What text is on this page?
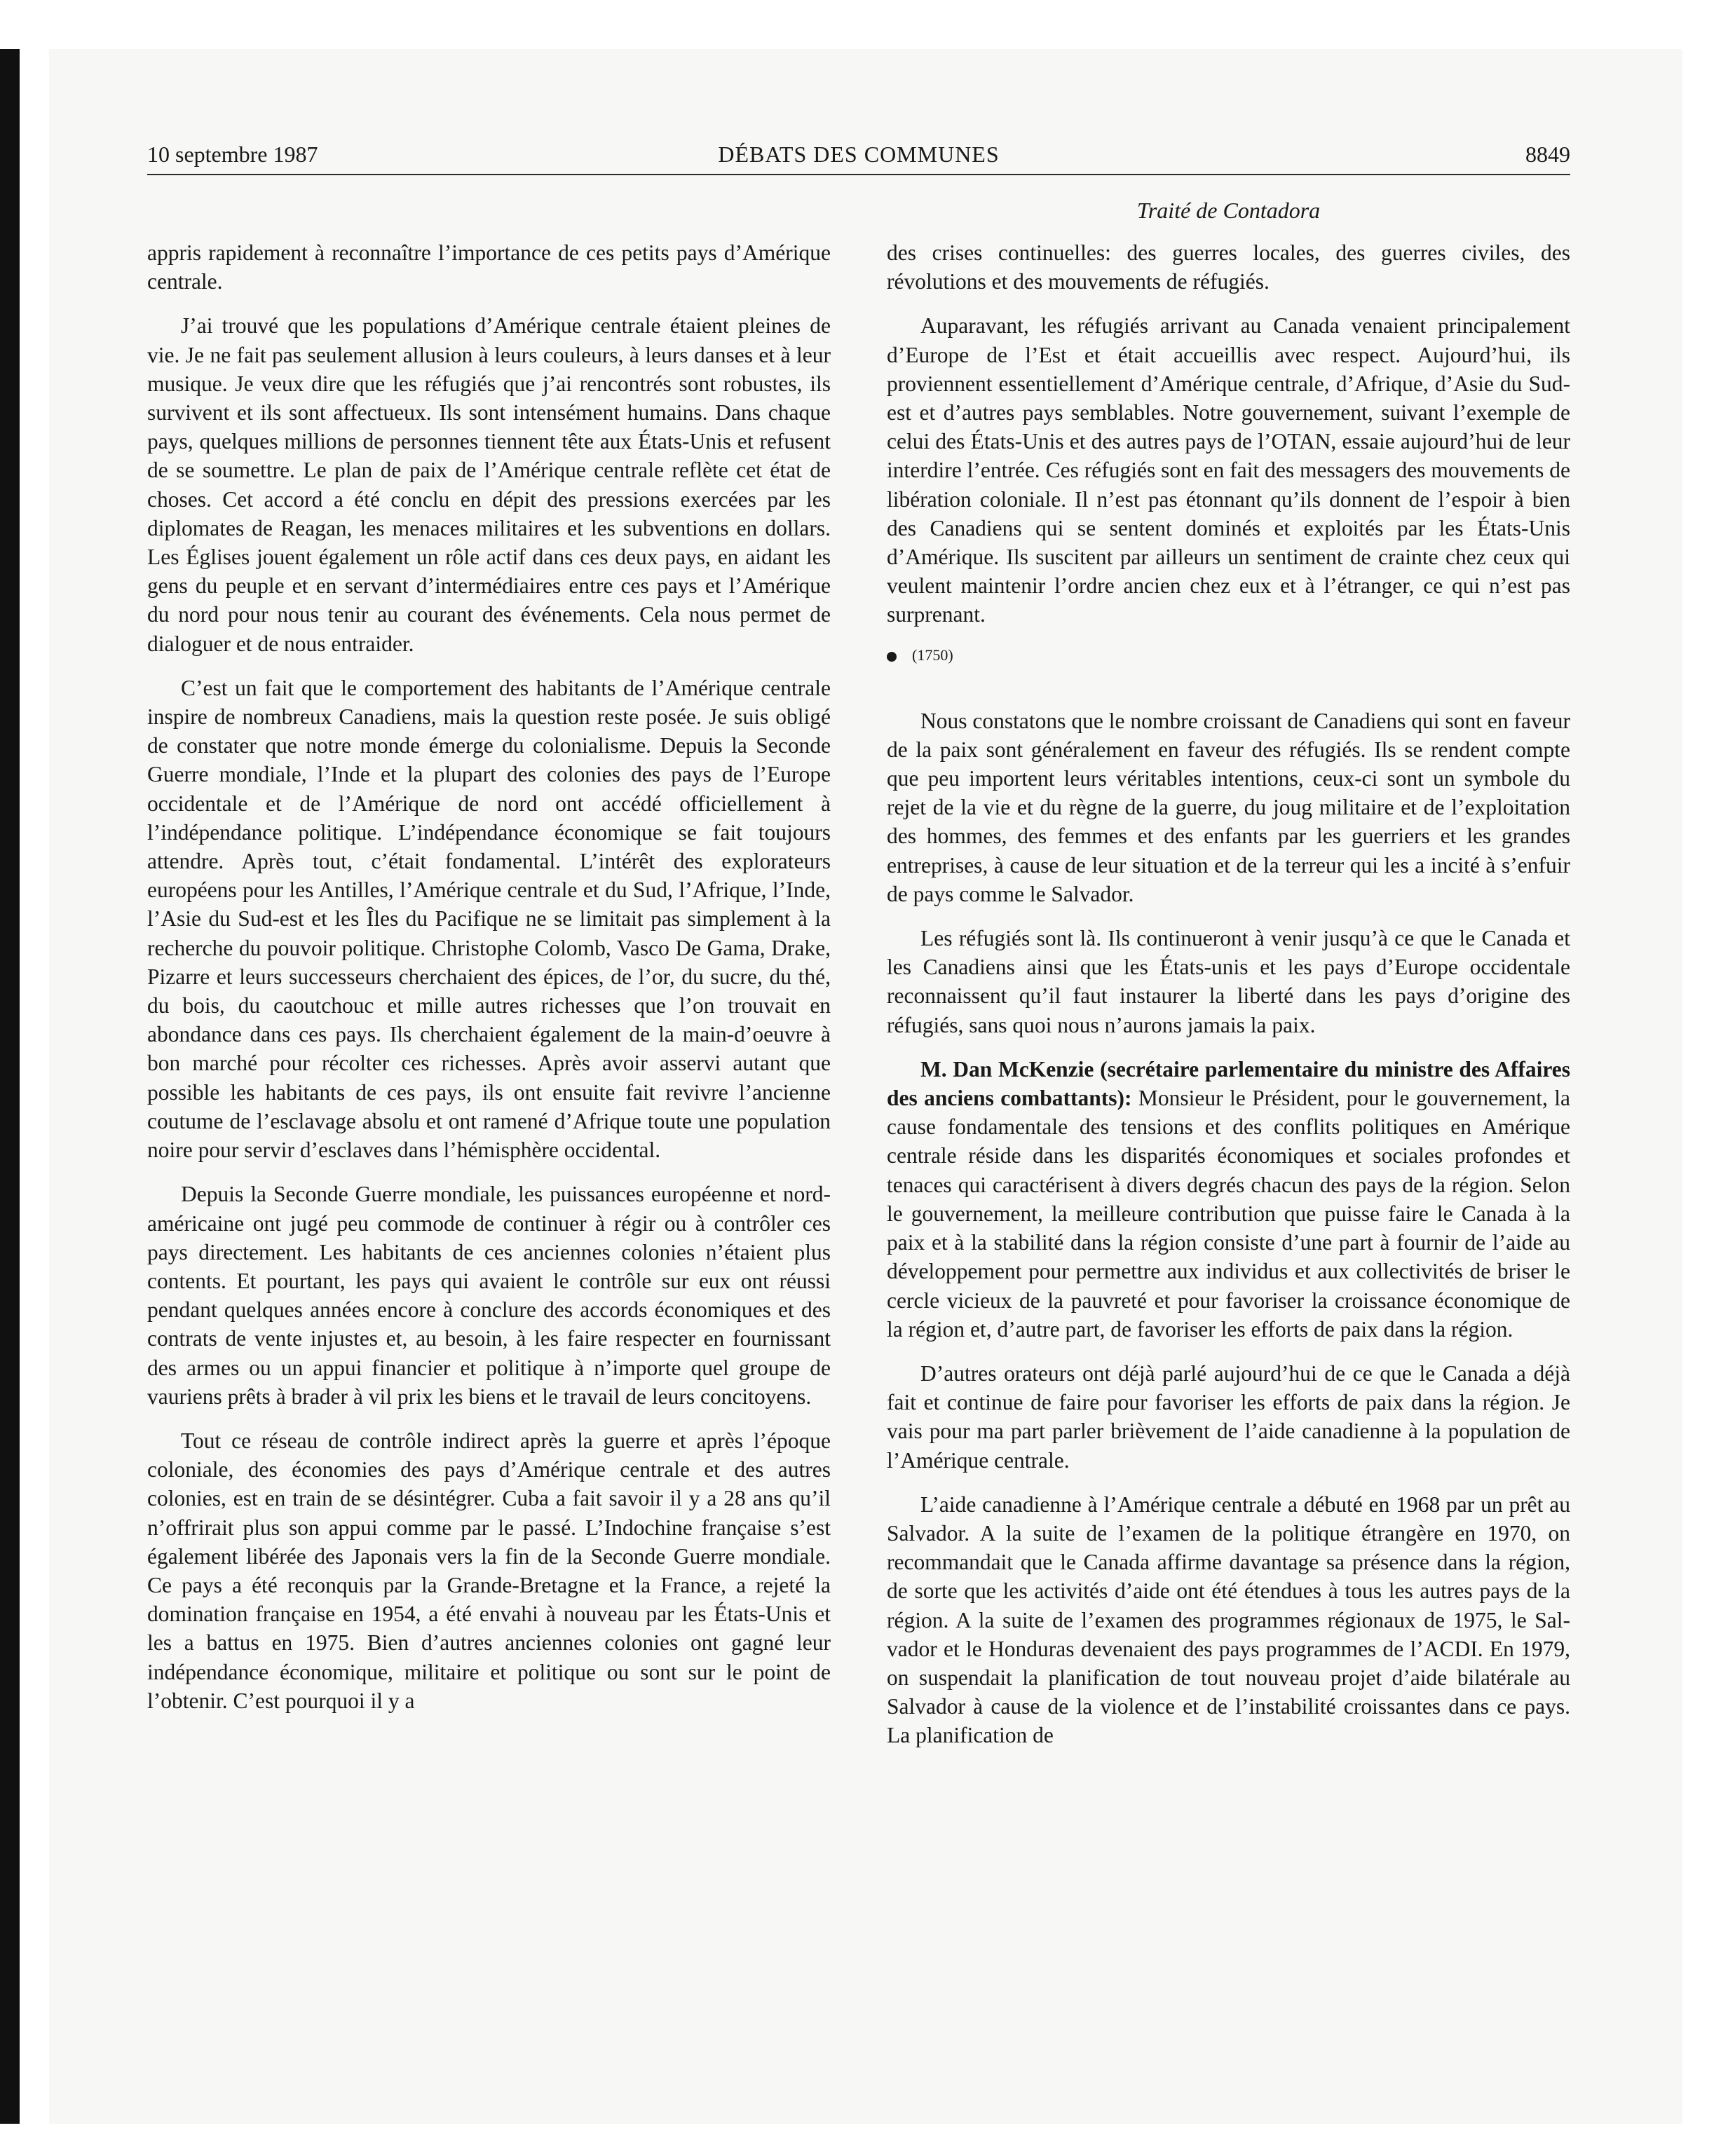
10 septembre 1987	DÉBATS DES COMMUNES	8849
Traité de Contadora

appris rapidement à reconnaître l’importance de ces petits pays d’Amérique centrale.

J’ai trouvé que les populations d’Amérique centrale étaient pleines de vie. Je ne fait pas seulement allusion à leurs couleurs, à leurs danses et à leur musique. Je veux dire que les réfugiés que j’ai rencontrés sont robustes, ils survivent et ils sont affectueux. Ils sont intensément humains. Dans chaque pays, quelques millions de personnes tiennent tête aux États-Unis et refusent de se soumettre. Le plan de paix de l’Amérique centrale reflète cet état de choses. Cet accord a été conclu en dépit des pressions exercées par les diplomates de Reagan, les menaces militaires et les subventions en dollars. Les Églises jouent également un rôle actif dans ces deux pays, en aidant les gens du peuple et en servant d’intermédiaires entre ces pays et l’Amérique du nord pour nous tenir au courant des événements. Cela nous permet de dialoguer et de nous entraider.

C’est un fait que le comportement des habitants de l’Amérique centrale inspire de nombreux Canadiens, mais la question reste posée. Je suis obligé de constater que notre monde émerge du colonialisme. Depuis la Seconde Guerre mondiale, l’Inde et la plupart des colonies des pays de l’Europe occidentale et de l’Amérique de nord ont accédé officiellement à l’indépendance politique. L’indépendance économique se fait toujours attendre. Après tout, c’était fondamental. L’intérêt des explorateurs européens pour les Antilles, l’Amérique centrale et du Sud, l’Afrique, l’Inde, l’Asie du Sud-est et les Îles du Pacifique ne se limitait pas simplement à la recherche du pouvoir politique. Christophe Colomb, Vasco De Gama, Drake, Pizarre et leurs successeurs cherchaient des épices, de l’or, du sucre, du thé, du bois, du caoutchouc et mille autres richesses que l’on trouvait en abondance dans ces pays. Ils cherchaient également de la main-d’oeuvre à bon marché pour récolter ces richesses. Après avoir asservi autant que possible les habitants de ces pays, ils ont ensuite fait revivre l’ancienne coutume de l’esclavage absolu et ont ramené d’Afrique toute une population noire pour servir d’esclaves dans l’hémisphère occidental.

Depuis la Seconde Guerre mondiale, les puissances européenne et nord-américaine ont jugé peu commode de continuer à régir ou à contrôler ces pays directement. Les habitants de ces anciennes colonies n’étaient plus contents. Et pourtant, les pays qui avaient le contrôle sur eux ont réussi pendant quelques années encore à conclure des accords économiques et des contrats de vente injustes et, au besoin, à les faire respecter en fournissant des armes ou un appui financier et politique à n’importe quel groupe de vauriens prêts à brader à vil prix les biens et le travail de leurs concitoyens.

Tout ce réseau de contrôle indirect après la guerre et après l’époque coloniale, des économies des pays d’Amérique centrale et des autres colonies, est en train de se désintégrer. Cuba a fait savoir il y a 28 ans qu’il n’offrirait plus son appui comme par le passé. L’Indochine française s’est également libérée des Japonais vers la fin de la Seconde Guerre mondiale. Ce pays a été reconquis par la Grande-Bretagne et la France, a rejeté la domination française en 1954, a été envahi à nouveau par les États-Unis et les a battus en 1975. Bien d’autres anciennes colonies ont gagné leur indépendance économique, militaire et politique ou sont sur le point de l’obtenir. C’est pourquoi il y a

des crises continuelles: des guerres locales, des guerres civiles, des révolutions et des mouvements de réfugiés.

Auparavant, les réfugiés arrivant au Canada venaient principalement d’Europe de l’Est et était accueillis avec respect. Aujourd’hui, ils proviennent essentiellement d’Amérique centrale, d’Afrique, d’Asie du Sud-est et d’autres pays semblables. Notre gouvernement, suivant l’exemple de celui des États-Unis et des autres pays de l’OTAN, essaie aujourd’hui de leur interdire l’entrée. Ces réfugiés sont en fait des messagers des mouvements de libération coloniale. Il n’est pas étonnant qu’ils donnent de l’espoir à bien des Canadiens qui se sentent dominés et exploités par les États-Unis d’Amérique. Ils suscitent par ailleurs un sentiment de crainte chez ceux qui veulent maintenir l’ordre ancien chez eux et à l’étranger, ce qui n’est pas surprenant.

(1750)

Nous constatons que le nombre croissant de Canadiens qui sont en faveur de la paix sont généralement en faveur des réfugiés. Ils se rendent compte que peu importent leurs véritables intentions, ceux-ci sont un symbole du rejet de la vie et du règne de la guerre, du joug militaire et de l’exploitation des hommes, des femmes et des enfants par les guerriers et les grandes entreprises, à cause de leur situation et de la terreur qui les a incité à s’enfuir de pays comme le Salvador.

Les réfugiés sont là. Ils continueront à venir jusqu’à ce que le Canada et les Canadiens ainsi que les États-unis et les pays d’Europe occidentale reconnaissent qu’il faut instaurer la liberté dans les pays d’origine des réfugiés, sans quoi nous n’aurons jamais la paix.

M. Dan McKenzie (secrétaire parlementaire du ministre des Affaires des anciens combattants): Monsieur le Président, pour le gouvernement, la cause fondamentale des tensions et des conflits politiques en Amérique centrale réside dans les disparités économiques et sociales profondes et tenaces qui caractérisent à divers degrés chacun des pays de la région. Selon le gouvernement, la meilleure contribution que puisse faire le Canada à la paix et à la stabilité dans la région consiste d’une part à fournir de l’aide au développement pour permettre aux individus et aux collectivités de briser le cercle vicieux de la pauvreté et pour favoriser la croissance économique de la région et, d’autre part, de favoriser les efforts de paix dans la région.

D’autres orateurs ont déjà parlé aujourd’hui de ce que le Canada a déjà fait et continue de faire pour favoriser les efforts de paix dans la région. Je vais pour ma part parler brièvement de l’aide canadienne à la population de l’Amérique centrale.

L’aide canadienne à l’Amérique centrale a débuté en 1968 par un prêt au Salvador. A la suite de l’examen de la politique étrangère en 1970, on recommandait que le Canada affirme davantage sa présence dans la région, de sorte que les activités d’aide ont été étendues à tous les autres pays de la région. A la suite de l’examen des programmes régionaux de 1975, le Salvador et le Honduras devenaient des pays programmes de l’ACDI. En 1979, on suspendait la planification de tout nouveau projet d’aide bilatérale au Salvador à cause de la violence et de l’instabilité croissantes dans ce pays. La planification de
